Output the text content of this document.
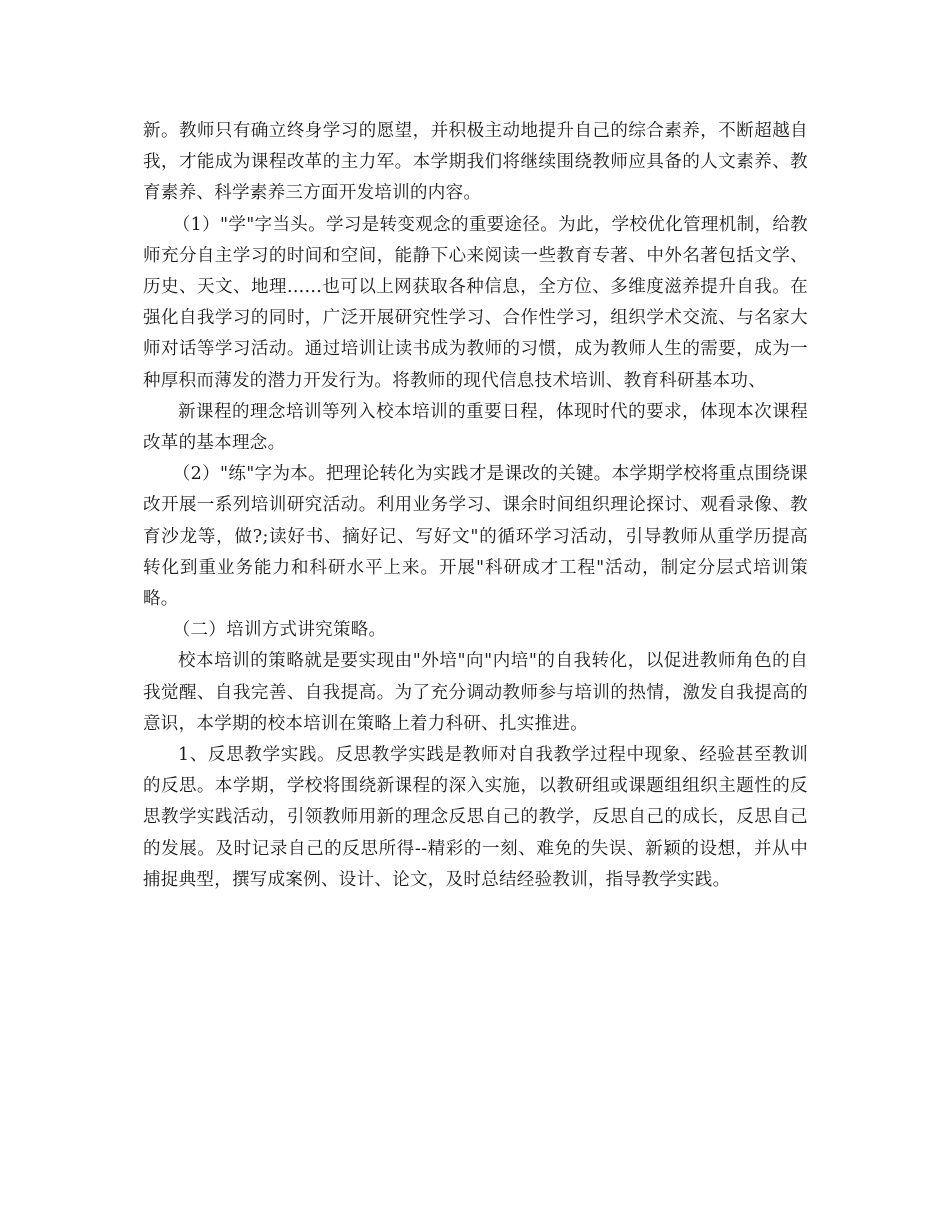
新。教师只有确立终身学习的愿望，并积极主动地提升自己的综合素养，不断超越自我，才能成为课程改革的主力军。本学期我们将继续围绕教师应具备的人文素养、教育素养、科学素养三方面开发培训的内容。

（1）"学"字当头。学习是转变观念的重要途径。为此，学校优化管理机制，给教师充分自主学习的时间和空间，能静下心来阅读一些教育专著、中外名著包括文学、历史、天文、地理......也可以上网获取各种信息，全方位、多维度滋养提升自我。在强化自我学习的同时，广泛开展研究性学习、合作性学习，组织学术交流、与名家大师对话等学习活动。通过培训让读书成为教师的习惯，成为教师人生的需要，成为一种厚积而薄发的潜力开发行为。将教师的现代信息技术培训、教育科研基本功、

新课程的理念培训等列入校本培训的重要日程，体现时代的要求，体现本次课程改革的基本理念。

（2）"练"字为本。把理论转化为实践才是课改的关键。本学期学校将重点围绕课改开展一系列培训研究活动。利用业务学习、课余时间组织理论探讨、观看录像、教育沙龙等，做?;读好书、摘好记、写好文"的循环学习活动，引导教师从重学历提高转化到重业务能力和科研水平上来。开展"科研成才工程"活动，制定分层式培训策略。

（二）培训方式讲究策略。

校本培训的策略就是要实现由"外培"向"内培"的自我转化，以促进教师角色的自我觉醒、自我完善、自我提高。为了充分调动教师参与培训的热情，激发自我提高的意识，本学期的校本培训在策略上着力科研、扎实推进。

1、反思教学实践。反思教学实践是教师对自我教学过程中现象、经验甚至教训的反思。本学期，学校将围绕新课程的深入实施，以教研组或课题组组织主题性的反思教学实践活动，引领教师用新的理念反思自己的教学，反思自己的成长，反思自己的发展。及时记录自己的反思所得--精彩的一刻、难免的失误、新颖的设想，并从中捕捉典型，撰写成案例、设计、论文，及时总结经验教训，指导教学实践。
